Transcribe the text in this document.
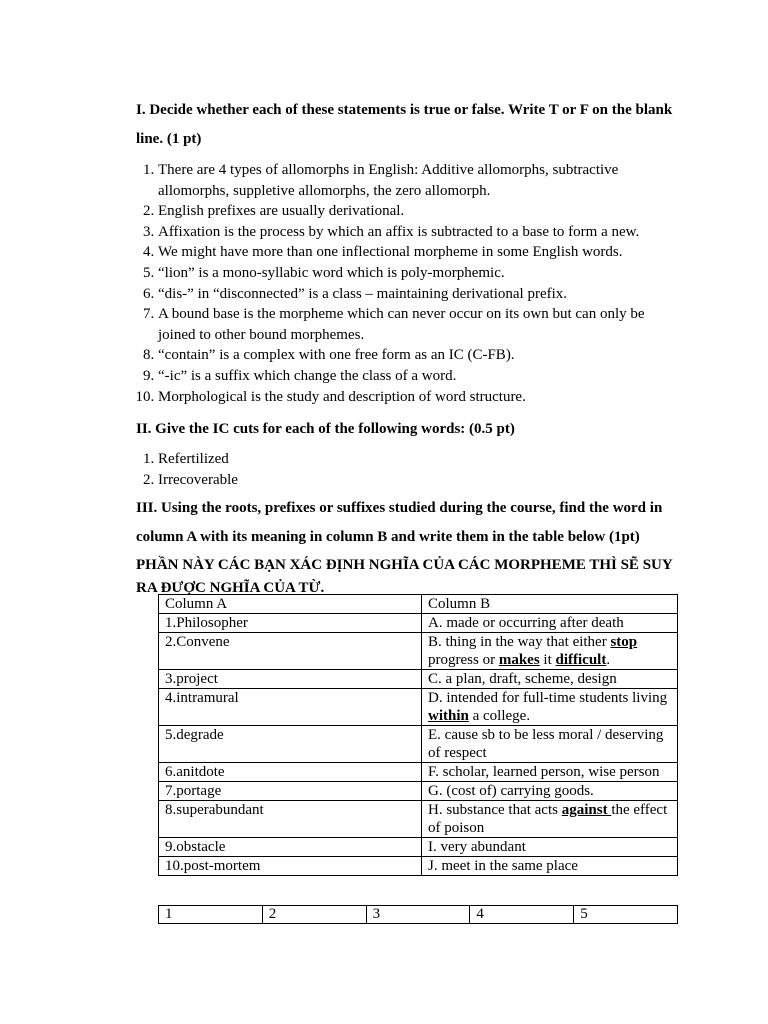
I. Decide whether each of these statements is true or false. Write T or F on the blank
line. (1 pt)

1. There are 4 types of allomorphs in English: Additive allomorphs, subtractive allomorphs, suppletive allomorphs, the zero allomorph.
2. English prefixes are usually derivational.
3. Affixation is the process by which an affix is subtracted to a base to form a new.
4. We might have more than one inflectional morpheme in some English words.
5. “lion” is a mono-syllabic word which is poly-morphemic.
6. “dis-” in “disconnected” is a class – maintaining derivational prefix.
7. A bound base is the morpheme which can never occur on its own but can only be joined to other bound morphemes.
8. “contain” is a complex with one free form as an IC (C-FB).
9. “-ic” is a suffix which change the class of a word.
10. Morphological is the study and description of word structure.

II. Give the IC cuts for each of the following words: (0.5 pt)

1. Refertilized
2. Irrecoverable

III. Using the roots, prefixes or suffixes studied during the course, find the word in
column A with its meaning in column B and write them in the table below (1pt)

PHẦN NÀY CÁC BẠN XÁC ĐỊNH NGHĨA CỦA CÁC MORPHEME THÌ SẼ SUY RA ĐƯỢC NGHĨA CỦA TỪ.

Column A	Column B
1.Philosopher	A. made or occurring after death
2.Convene	B. thing in the way that either stop progress or makes it difficult.
3.project	C. a plan, draft, scheme, design
4.intramural	D. intended for full-time students living within a college.
5.degrade	E. cause sb to be less moral / deserving of respect
6.anitdote	F. scholar, learned person, wise person
7.portage	G. (cost of) carrying goods.
8.superabundant	H. substance that acts against the effect of poison
9.obstacle	I. very abundant
10.post-mortem	J. meet in the same place
1	2	3	4	5
